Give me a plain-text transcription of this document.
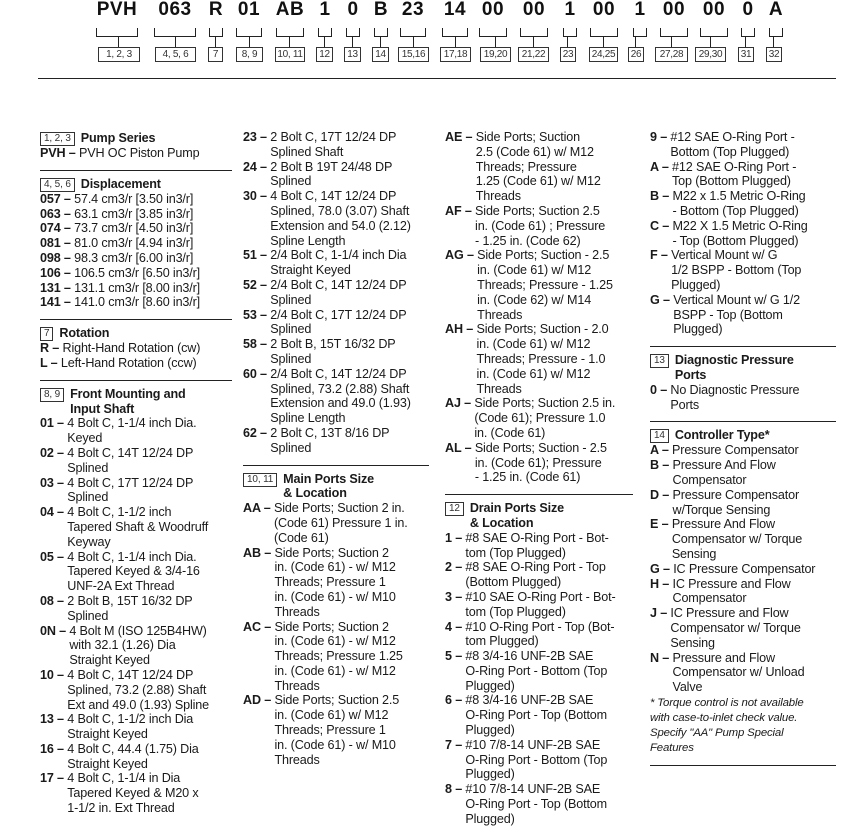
PVH
1, 2, 3
063
4, 5, 6
R
7
01
8, 9
AB
10, 11
1
12
0
13
B
14
23
15,16
14
17,18
00
19,20
00
21,22
1
23
00
24,25
1
26
00
27,28
00
29,30
0
31
A
32
1, 2, 3 Pump Series
PVH – PVH OC Piston Pump
4, 5, 6 Displacement
057 – 57.4 cm3/r [3.50 in3/r]
063 – 63.1 cm3/r [3.85 in3/r]
074 – 73.7 cm3/r [4.50 in3/r]
081 – 81.0 cm3/r [4.94 in3/r]
098 – 98.3 cm3/r [6.00 in3/r]
106 – 106.5 cm3/r [6.50 in3/r]
131 – 131.1 cm3/r [8.00 in3/r]
141 – 141.0 cm3/r [8.60 in3/r]
7 Rotation
R – Right-Hand Rotation (cw)
L – Left-Hand Rotation (ccw)
8, 9 Front Mounting and
Input Shaft
01 – 4 Bolt C, 1-1/4 inch Dia.
Keyed
02 – 4 Bolt C, 14T 12/24 DP
Splined
03 – 4 Bolt C, 17T 12/24 DP
Splined
04 – 4 Bolt C, 1-1/2 inch
Tapered Shaft & Woodruff
Keyway
05 – 4 Bolt C, 1-1/4 inch Dia.
Tapered Keyed & 3/4-16
UNF-2A Ext Thread
08 – 2 Bolt B, 15T 16/32 DP
Splined
0N – 4 Bolt M (ISO 125B4HW)
with 32.1 (1.26) Dia
Straight Keyed
10 – 4 Bolt C, 14T 12/24 DP
Splined, 73.2 (2.88) Shaft
Ext and 49.0 (1.93) Spline
13 – 4 Bolt C, 1-1/2 inch Dia
Straight Keyed
16 – 4 Bolt C, 44.4 (1.75) Dia
Straight Keyed
17 – 4 Bolt C, 1-1/4 in Dia
Tapered Keyed & M20 x
1-1/2 in. Ext Thread
23 – 2 Bolt C, 17T 12/24 DP
Splined Shaft
24 – 2 Bolt B 19T 24/48 DP
Splined
30 – 4 Bolt C, 14T 12/24 DP
Splined, 78.0 (3.07) Shaft
Extension and 54.0 (2.12)
Spline Length
51 – 2/4 Bolt C, 1-1/4 inch Dia
Straight Keyed
52 – 2/4 Bolt C, 14T 12/24 DP
Splined
53 – 2/4 Bolt C, 17T 12/24 DP
Splined
58 – 2 Bolt B, 15T 16/32 DP
Splined
60 – 2/4 Bolt C, 14T 12/24 DP
Splined, 73.2 (2.88) Shaft
Extension and 49.0 (1.93)
Spline Length
62 – 2 Bolt C, 13T 8/16 DP
Splined
10, 11 Main Ports Size
& Location
AA – Side Ports; Suction 2 in.
(Code 61) Pressure 1 in.
(Code 61)
AB – Side Ports; Suction 2
in. (Code 61) - w/ M12
Threads; Pressure 1
in. (Code 61) - w/ M10
Threads
AC – Side Ports; Suction 2
in. (Code 61) - w/ M12
Threads; Pressure 1.25
in. (Code 61) - w/ M12
Threads
AD – Side Ports; Suction 2.5
in. (Code 61) w/ M12
Threads; Pressure 1
in. (Code 61) - w/ M10
Threads
AE – Side Ports; Suction
2.5 (Code 61) w/ M12
Threads; Pressure
1.25 (Code 61) w/ M12
Threads
AF – Side Ports; Suction 2.5
in. (Code 61) ; Pressure
- 1.25 in. (Code 62)
AG – Side Ports; Suction - 2.5
in. (Code 61) w/ M12
Threads; Pressure - 1.25
in. (Code 62) w/ M14
Threads
AH – Side Ports; Suction - 2.0
in. (Code 61) w/ M12
Threads; Pressure - 1.0
in. (Code 61) w/ M12
Threads
AJ – Side Ports; Suction 2.5 in.
(Code 61); Pressure 1.0
in. (Code 61)
AL – Side Ports; Suction - 2.5
in. (Code 61); Pressure
- 1.25 in. (Code 61)
12 Drain Ports Size
& Location
1 – #8 SAE O-Ring Port - Bot-
tom (Top Plugged)
2 – #8 SAE O-Ring Port - Top
(Bottom Plugged)
3 – #10 SAE O-Ring Port - Bot-
tom (Top Plugged)
4 – #10 O-Ring Port - Top (Bot-
tom Plugged)
5 – #8 3/4-16 UNF-2B SAE
O-Ring Port - Bottom (Top
Plugged)
6 – #8 3/4-16 UNF-2B SAE
O-Ring Port - Top (Bottom
Plugged)
7 – #10 7/8-14 UNF-2B SAE
O-Ring Port - Bottom (Top
Plugged)
8 – #10 7/8-14 UNF-2B SAE
O-Ring Port - Top (Bottom
Plugged)
9 – #12 SAE O-Ring Port -
Bottom (Top Plugged)
A – #12 SAE O-Ring Port -
Top (Bottom Plugged)
B – M22 x 1.5 Metric O-Ring
- Bottom (Top Plugged)
C – M22 X 1.5 Metric O-Ring
- Top (Bottom Plugged)
F – Vertical Mount w/ G
1/2 BSPP - Bottom (Top
Plugged)
G – Vertical Mount w/ G 1/2
BSPP - Top (Bottom
Plugged)
13 Diagnostic Pressure
Ports
0 – No Diagnostic Pressure
Ports
14 Controller Type*
A – Pressure Compensator
B – Pressure And Flow
Compensator
D – Pressure Compensator
w/Torque Sensing
E – Pressure And Flow
Compensator w/ Torque
Sensing
G – IC Pressure Compensator
H – IC Pressure and Flow
Compensator
J – IC Pressure and Flow
Compensator w/ Torque
Sensing
N – Pressure and Flow
Compensator w/ Unload
Valve
* Torque control is not available
with case-to-inlet check value.
Specify "AA" Pump Special
Features
